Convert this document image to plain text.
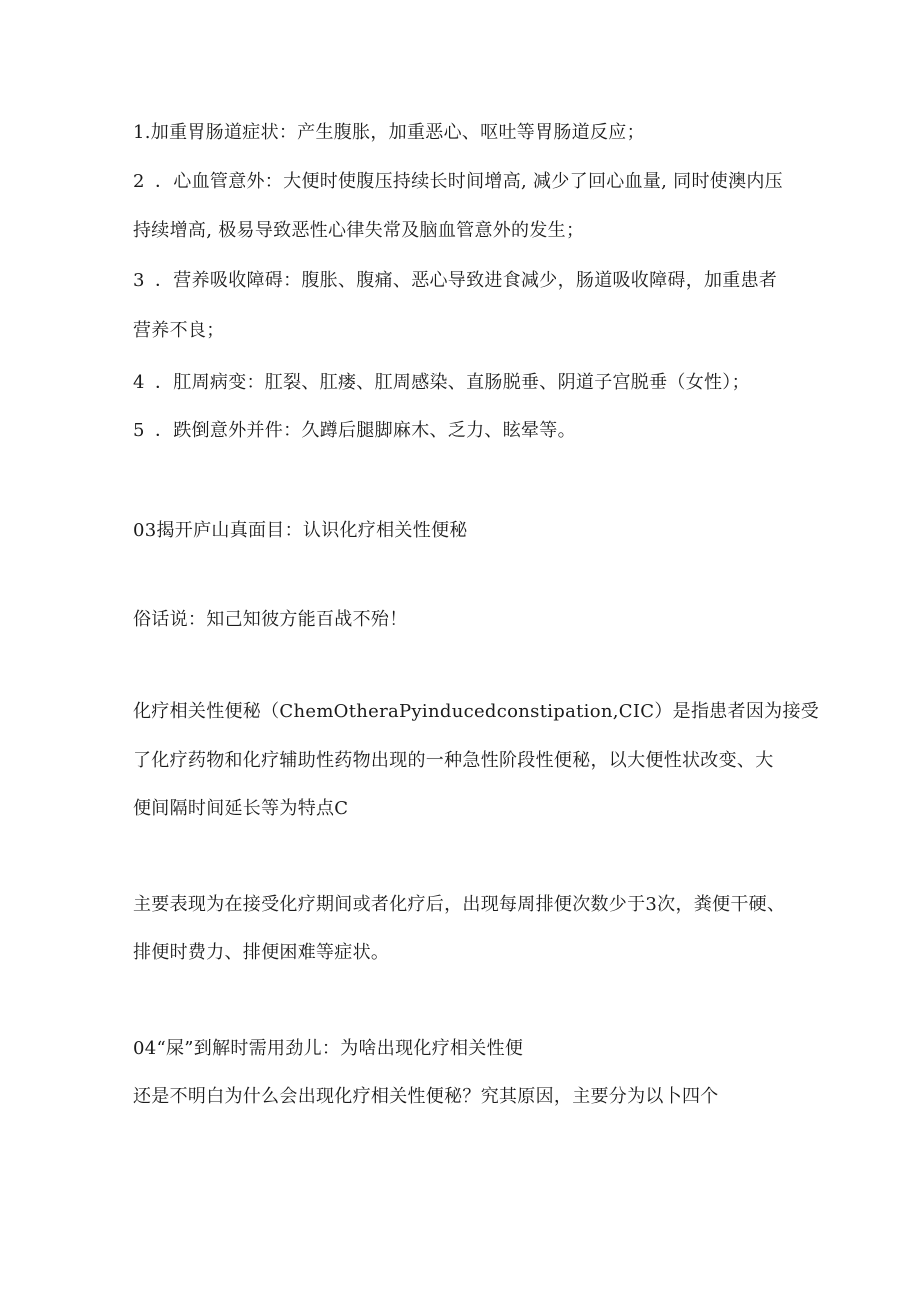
1.加重胃肠道症状：产生腹胀，加重恶心、呕吐等胃肠道反应；
2 ．心血管意外：大便时使腹压持续长时间增高, 减少了回心血量, 同时使澳内压
持续增高, 极易导致恶性心律失常及脑血管意外的发生；
3 ．营养吸收障碍：腹胀、腹痛、恶心导致进食减少，肠道吸收障碍，加重患者
营养不良；
4 ．肛周病变：肛裂、肛瘘、肛周感染、直肠脱垂、阴道子宫脱垂（女性）；
5 ．跌倒意外并件：久蹲后腿脚麻木、乏力、眩晕等。
03揭开庐山真面目：认识化疗相关性便秘
俗话说：知己知彼方能百战不殆！
化疗相关性便秘（ChemOtheraPyinducedconstipation,CIC）是指患者因为接受
了化疗药物和化疗辅助性药物出现的一种急性阶段性便秘，以大便性状改变、大
便间隔时间延长等为特点C
主要表现为在接受化疗期间或者化疗后，出现每周排便次数少于3次，粪便干硬、
排便时费力、排便困难等症状。
04“屎”到解时需用劲儿：为啥出现化疗相关性便
还是不明白为什么会出现化疗相关性便秘？究其原因，主要分为以卜四个
